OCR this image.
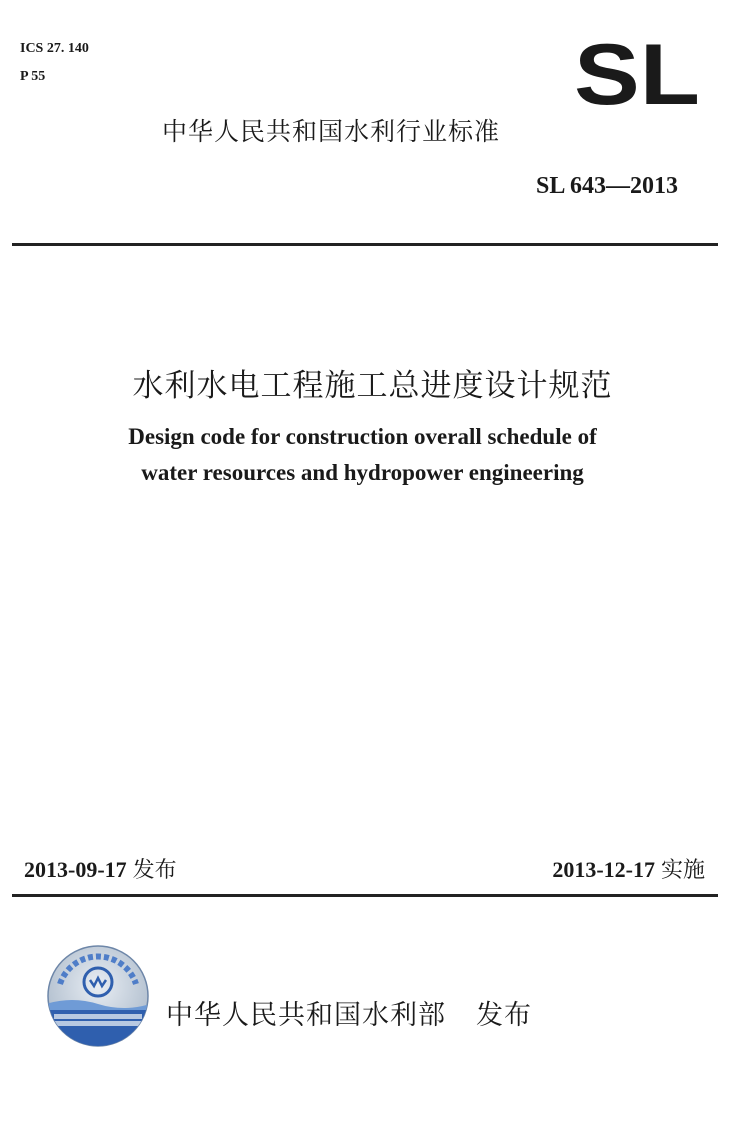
ICS 27. 140
P 55	SL
中华人民共和国水利行业标准
SL 643—2013
水利水电工程施工总进度设计规范
Design code for construction overall schedule of
water resources and hydropower engineering
2013-09-17 发布	2013-12-17 实施
中华人民共和国水利部 发布
